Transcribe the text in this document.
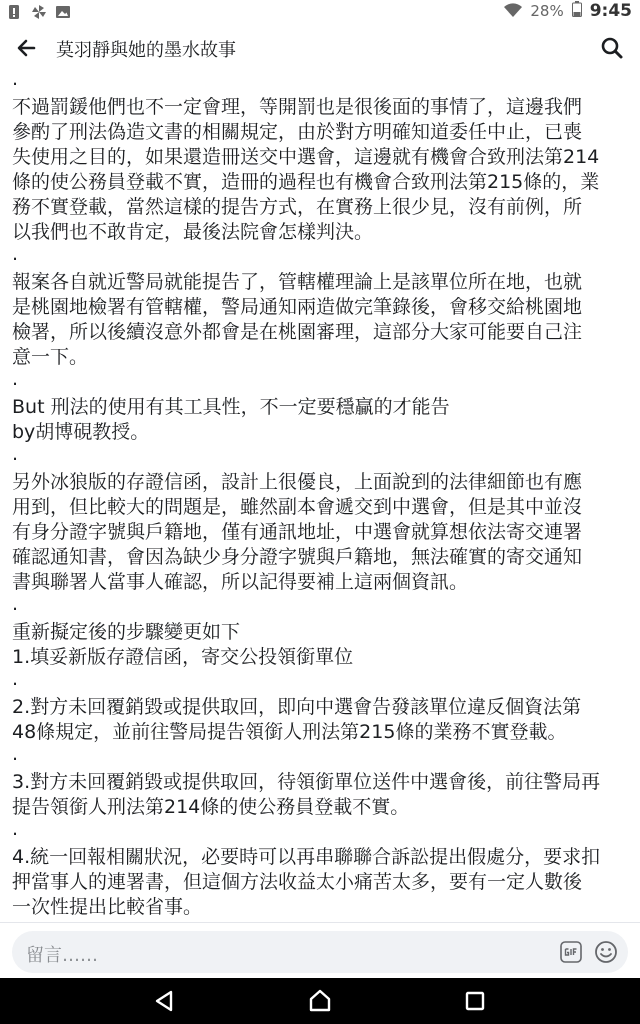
28% 9:45
莫羽靜與她的墨水故事
.
不過罰鍰他們也不一定會理，等開罰也是很後面的事情了，這邊我們
參酌了刑法偽造文書的相關規定，由於對方明確知道委任中止，已喪
失使用之目的，如果還造冊送交中選會，這邊就有機會合致刑法第214
條的使公務員登載不實，造冊的過程也有機會合致刑法第215條的，業
務不實登載，當然這樣的提告方式，在實務上很少見，沒有前例，所
以我們也不敢肯定，最後法院會怎樣判決。
.
報案各自就近警局就能提告了，管轄權理論上是該單位所在地，也就
是桃園地檢署有管轄權，警局通知兩造做完筆錄後，會移交給桃園地
檢署，所以後續沒意外都會是在桃園審理，這部分大家可能要自己注
意一下。
.
But 刑法的使用有其工具性，不一定要穩贏的才能告
by胡博硯教授。
.
另外冰狼版的存證信函，設計上很優良，上面說到的法律細節也有應
用到，但比較大的問題是，雖然副本會遞交到中選會，但是其中並沒
有身分證字號與戶籍地，僅有通訊地址，中選會就算想依法寄交連署
確認通知書，會因為缺少身分證字號與戶籍地，無法確實的寄交通知
書與聯署人當事人確認，所以記得要補上這兩個資訊。
.
重新擬定後的步驟變更如下
1.填妥新版存證信函，寄交公投領銜單位
.
2.對方未回覆銷毀或提供取回，即向中選會告發該單位違反個資法第
48條規定，並前往警局提告領銜人刑法第215條的業務不實登載。
.
3.對方未回覆銷毀或提供取回，待領銜單位送件中選會後，前往警局再
提告領銜人刑法第214條的使公務員登載不實。
.
4.統一回報相關狀況，必要時可以再串聯聯合訴訟提出假處分，要求扣
押當事人的連署書，但這個方法收益太小痛苦太多，要有一定人數後
一次性提出比較省事。
留言……
